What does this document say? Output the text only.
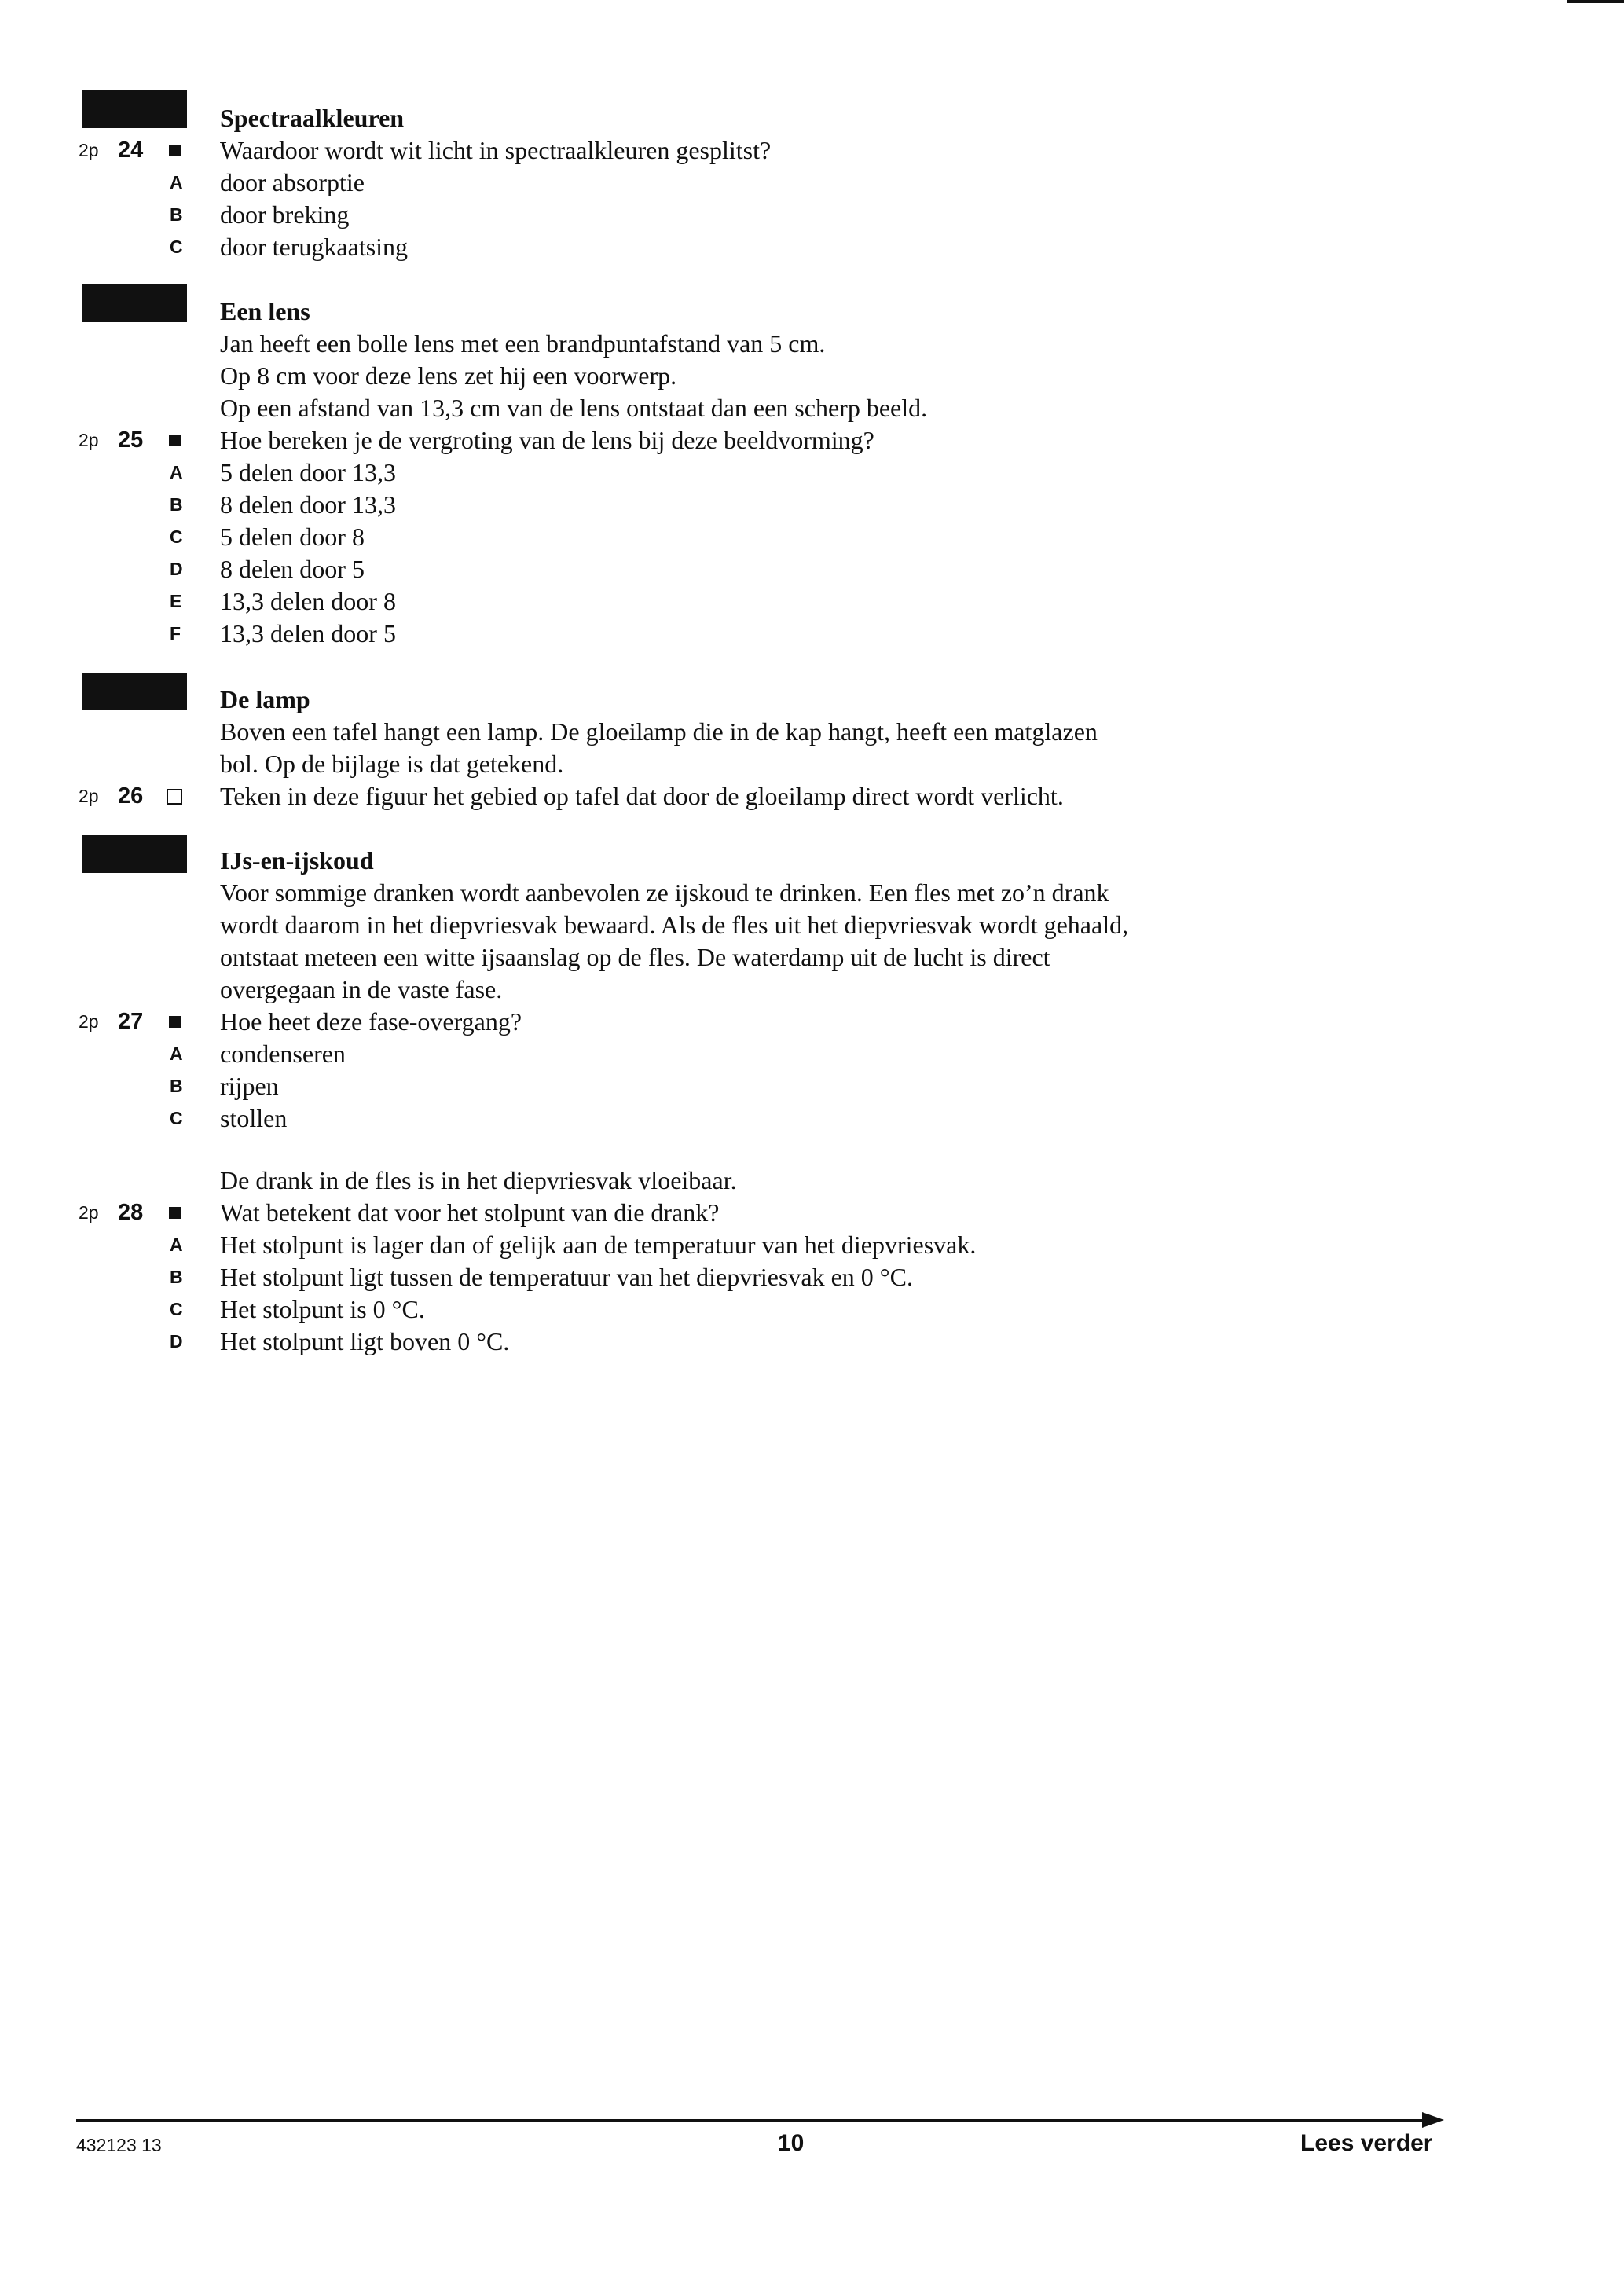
Spectraalkleuren
2p 24	Waardoor wordt wit licht in spectraalkleuren gesplitst?
A door absorptie
B door breking
C door terugkaatsing
Een lens
Jan heeft een bolle lens met een brandpuntafstand van 5 cm.
Op 8 cm voor deze lens zet hij een voorwerp.
Op een afstand van 13,3 cm van de lens ontstaat dan een scherp beeld.
2p 25	Hoe bereken je de vergroting van de lens bij deze beeldvorming?
A 5 delen door 13,3
B 8 delen door 13,3
C 5 delen door 8
D 8 delen door 5
E 13,3 delen door 8
F 13,3 delen door 5
De lamp
Boven een tafel hangt een lamp. De gloeilamp die in de kap hangt, heeft een matglazen
bol. Op de bijlage is dat getekend.
2p 26	Teken in deze figuur het gebied op tafel dat door de gloeilamp direct wordt verlicht.
IJs-en-ijskoud
Voor sommige dranken wordt aanbevolen ze ijskoud te drinken. Een fles met zo’n drank
wordt daarom in het diepvriesvak bewaard. Als de fles uit het diepvriesvak wordt gehaald,
ontstaat meteen een witte ijsaanslag op de fles. De waterdamp uit de lucht is direct
overgegaan in de vaste fase.
2p 27	Hoe heet deze fase-overgang?
A condenseren
B rijpen
C stollen
De drank in de fles is in het diepvriesvak vloeibaar.
2p 28	Wat betekent dat voor het stolpunt van die drank?
A Het stolpunt is lager dan of gelijk aan de temperatuur van het diepvriesvak.
B Het stolpunt ligt tussen de temperatuur van het diepvriesvak en 0 °C.
C Het stolpunt is 0 °C.
D Het stolpunt ligt boven 0 °C.
432123 13	10	Lees verder
